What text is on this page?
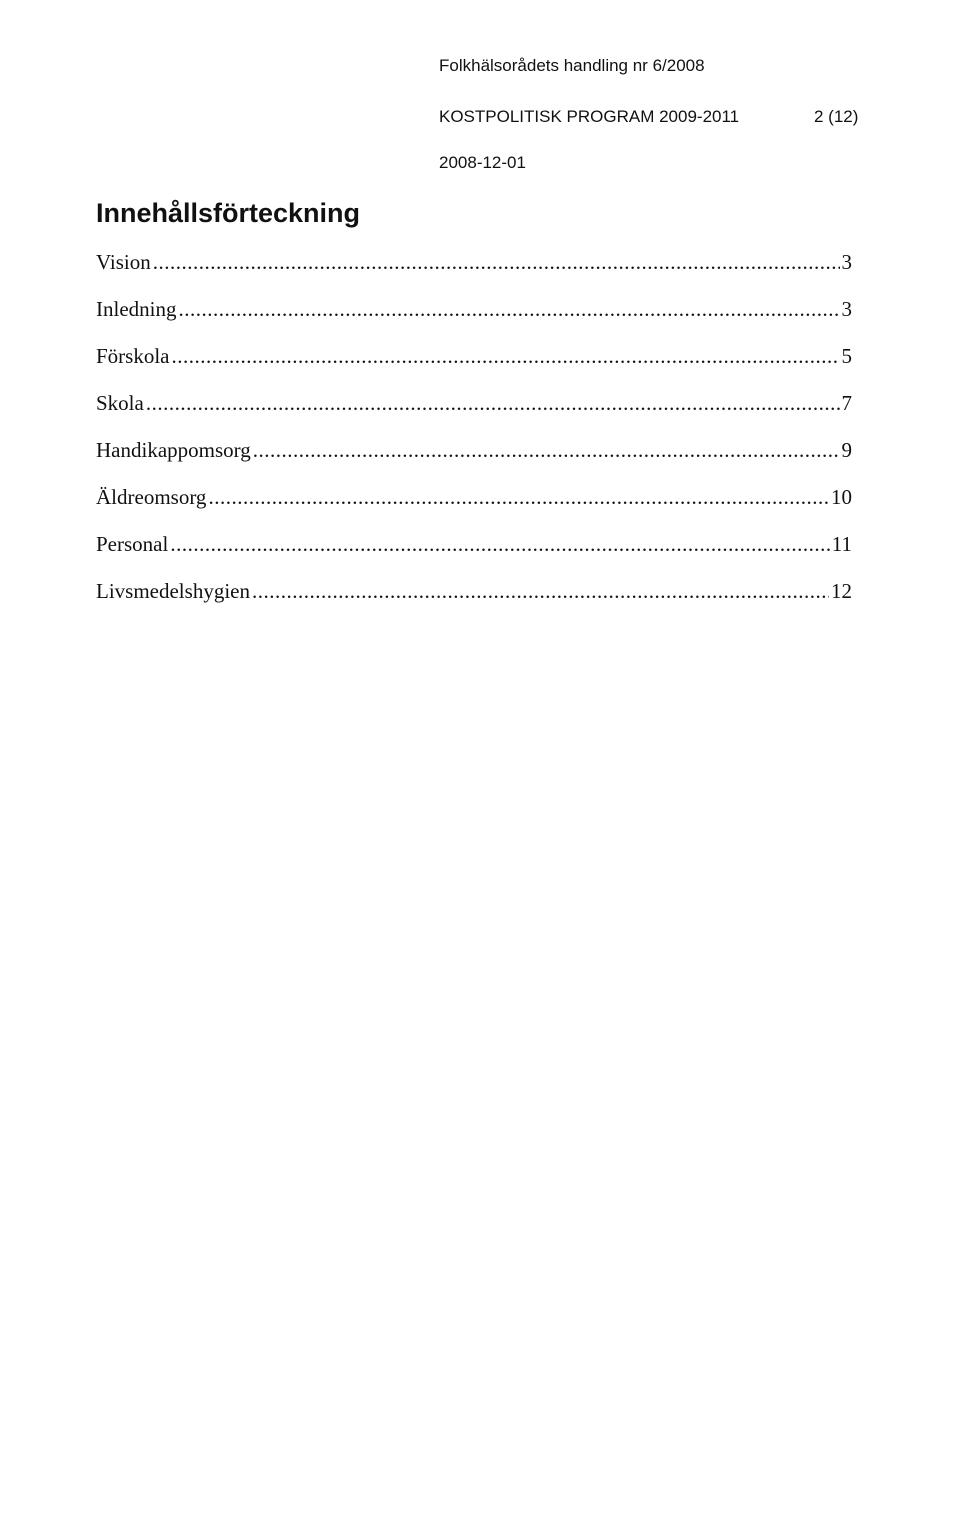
Folkhälsorådets handling nr 6/2008
KOSTPOLITISK PROGRAM 2009-2011	2 (12)
2008-12-01
Innehållsförteckning
Vision .....	3
Inledning .....	3
Förskola .....	5
Skola .....	7
Handikappomsorg .....	9
Äldreomsorg .....	10
Personal .....	11
Livsmedelshygien .....	12
